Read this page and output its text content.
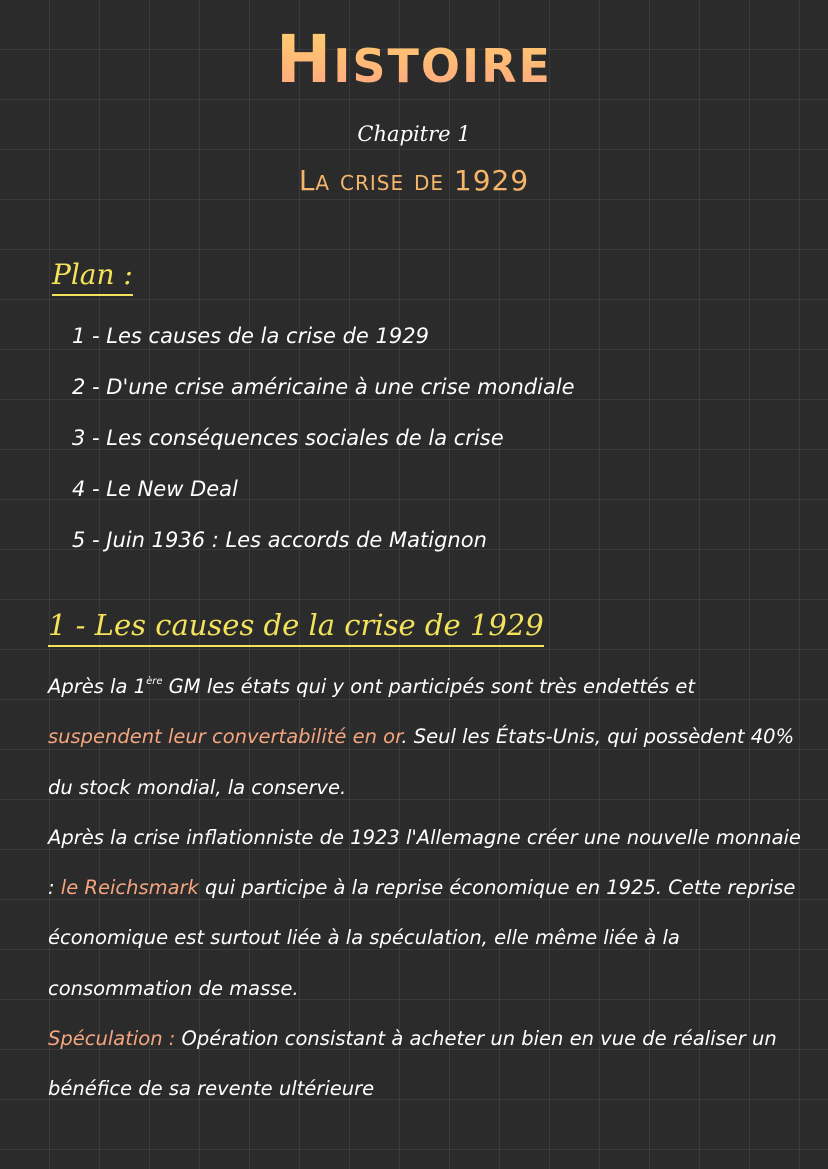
Histoire
Chapitre 1
La crise de 1929
Plan :
1 - Les causes de la crise de 1929
2 - D'une crise américaine à une crise mondiale
3 - Les conséquences sociales de la crise
4 - Le New Deal
5 - Juin 1936 : Les accords de Matignon
1 - Les causes de la crise de 1929

Après la 1ère GM les états qui y ont participés sont très endettés et suspendent leur convertabilité en or. Seul les États-Unis, qui possèdent 40% du stock mondial, la conserve.

Après la crise inflationniste de 1923 l'Allemagne créer une nouvelle monnaie : le Reichsmark qui participe à la reprise économique en 1925. Cette reprise économique est surtout liée à la spéculation, elle même liée à la consommation de masse.

Spéculation : Opération consistant à acheter un bien en vue de réaliser un bénéfice de sa revente ultérieure
